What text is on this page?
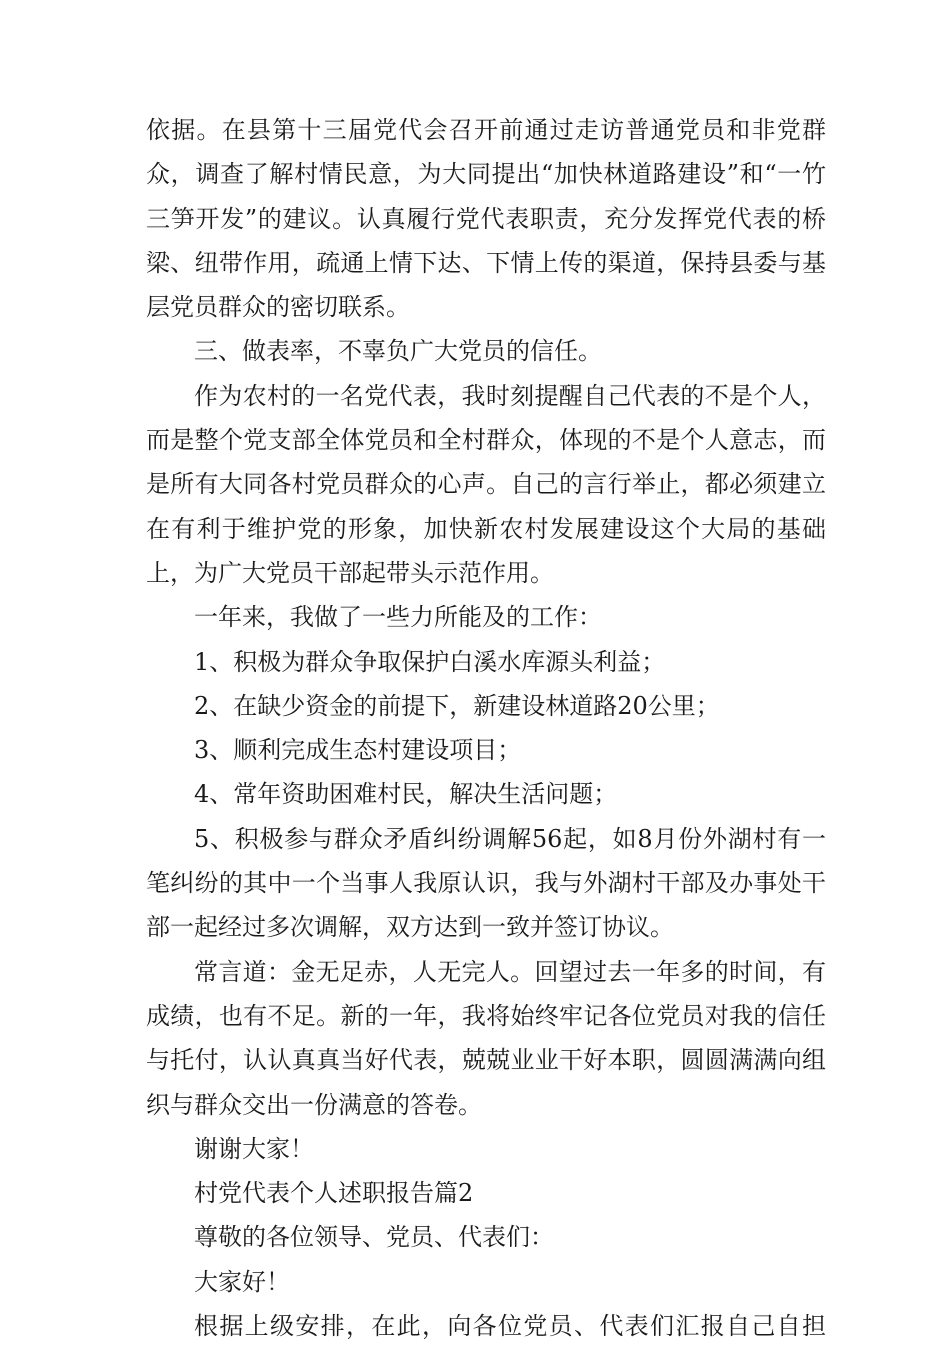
依据。在县第十三届党代会召开前通过走访普通党员和非党群众，调查了解村情民意，为大同提出“加快林道路建设”和“一竹三笋开发”的建议。认真履行党代表职责，充分发挥党代表的桥梁、纽带作用，疏通上情下达、下情上传的渠道，保持县委与基层党员群众的密切联系。

三、做表率，不辜负广大党员的信任。

作为农村的一名党代表，我时刻提醒自己代表的不是个人，而是整个党支部全体党员和全村群众，体现的不是个人意志，而是所有大同各村党员群众的心声。自己的言行举止，都必须建立在有利于维护党的形象，加快新农村发展建设这个大局的基础上，为广大党员干部起带头示范作用。

一年来，我做了一些力所能及的工作：

1、积极为群众争取保护白溪水库源头利益；

2、在缺少资金的前提下，新建设林道路20公里；

3、顺利完成生态村建设项目；

4、常年资助困难村民，解决生活问题；

5、积极参与群众矛盾纠纷调解56起，如8月份外湖村有一笔纠纷的其中一个当事人我原认识，我与外湖村干部及办事处干部一起经过多次调解，双方达到一致并签订协议。

常言道：金无足赤，人无完人。回望过去一年多的时间，有成绩，也有不足。新的一年，我将始终牢记各位党员对我的信任与托付，认认真真当好代表，兢兢业业干好本职，圆圆满满向组织与群众交出一份满意的答卷。

谢谢大家！

村党代表个人述职报告篇2

尊敬的各位领导、党员、代表们：

大家好！

根据上级安排，在此，向各位党员、代表们汇报自己自担
